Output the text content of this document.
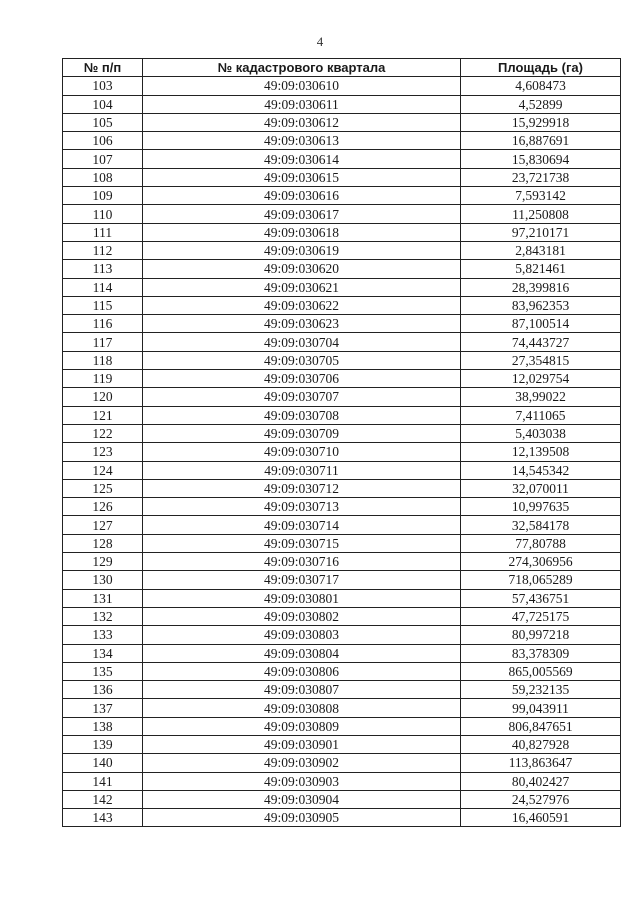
4
№ п/п	№ кадастрового квартала	Площадь (га)
103	49:09:030610	4,608473
104	49:09:030611	4,52899
105	49:09:030612	15,929918
106	49:09:030613	16,887691
107	49:09:030614	15,830694
108	49:09:030615	23,721738
109	49:09:030616	7,593142
110	49:09:030617	11,250808
111	49:09:030618	97,210171
112	49:09:030619	2,843181
113	49:09:030620	5,821461
114	49:09:030621	28,399816
115	49:09:030622	83,962353
116	49:09:030623	87,100514
117	49:09:030704	74,443727
118	49:09:030705	27,354815
119	49:09:030706	12,029754
120	49:09:030707	38,99022
121	49:09:030708	7,411065
122	49:09:030709	5,403038
123	49:09:030710	12,139508
124	49:09:030711	14,545342
125	49:09:030712	32,070011
126	49:09:030713	10,997635
127	49:09:030714	32,584178
128	49:09:030715	77,80788
129	49:09:030716	274,306956
130	49:09:030717	718,065289
131	49:09:030801	57,436751
132	49:09:030802	47,725175
133	49:09:030803	80,997218
134	49:09:030804	83,378309
135	49:09:030806	865,005569
136	49:09:030807	59,232135
137	49:09:030808	99,043911
138	49:09:030809	806,847651
139	49:09:030901	40,827928
140	49:09:030902	113,863647
141	49:09:030903	80,402427
142	49:09:030904	24,527976
143	49:09:030905	16,460591
